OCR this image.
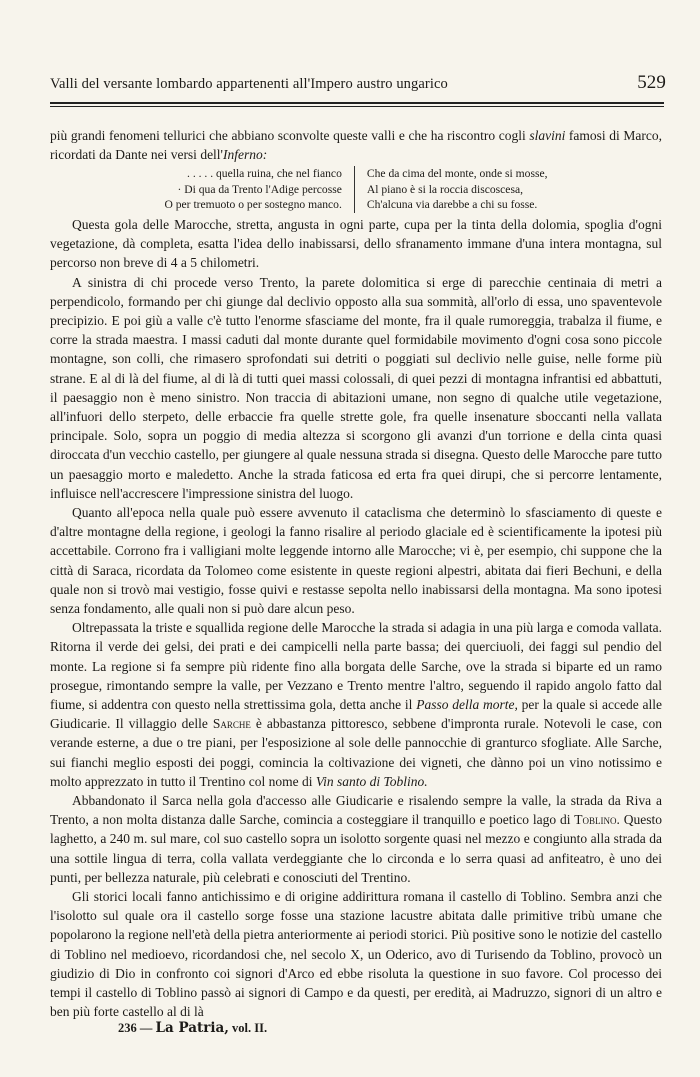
Valli del versante lombardo appartenenti all'Impero austro ungarico	529

più grandi fenomeni tellurici che abbiano sconvolte queste valli e che ha riscontro cogli slavini famosi di Marco, ricordati da Dante nei versi dell'Inferno:

. . . . . quella ruina, che nel fianco
· Di qua da Trento l'Adige percosse
O per tremuoto o per sostegno manco.
Che da cima del monte, onde si mosse,
Al piano è si la roccia discoscesa,
Ch'alcuna via darebbe a chi su fosse.

Questa gola delle Marocche, stretta, angusta in ogni parte, cupa per la tinta della dolomia, spoglia d'ogni vegetazione, dà completa, esatta l'idea dello inabissarsi, dello sfranamento immane d'una intera montagna, sul percorso non breve di 4 a 5 chilometri.

A sinistra di chi procede verso Trento, la parete dolomitica si erge di parecchie centinaia di metri a perpendicolo, formando per chi giunge dal declivio opposto alla sua sommità, all'orlo di essa, uno spaventevole precipizio. E poi giù a valle c'è tutto l'enorme sfasciame del monte, fra il quale rumoreggia, trabalza il fiume, e corre la strada maestra. I massi caduti dal monte durante quel formidabile movimento d'ogni cosa sono piccole montagne, son colli, che rimasero sprofondati sui detriti o poggiati sul declivio nelle guise, nelle forme più strane. E al di là del fiume, al di là di tutti quei massi colossali, di quei pezzi di montagna infrantisi ed abbattuti, il paesaggio non è meno sinistro. Non traccia di abitazioni umane, non segno di qualche utile vegetazione, all'infuori dello sterpeto, delle erbaccie fra quelle strette gole, fra quelle insenature sboccanti nella vallata principale. Solo, sopra un poggio di media altezza si scorgono gli avanzi d'un torrione e della cinta quasi diroccata d'un vecchio castello, per giungere al quale nessuna strada si disegna. Questo delle Marocche pare tutto un paesaggio morto e maledetto. Anche la strada faticosa ed erta fra quei dirupi, che si percorre lentamente, influisce nell'accrescere l'impressione sinistra del luogo.

Quanto all'epoca nella quale può essere avvenuto il cataclisma che determinò lo sfasciamento di queste e d'altre montagne della regione, i geologi la fanno risalire al periodo glaciale ed è scientificamente la ipotesi più accettabile. Corrono fra i valligiani molte leggende intorno alle Marocche; vi è, per esempio, chi suppone che la città di Saraca, ricordata da Tolomeo come esistente in queste regioni alpestri, abitata dai fieri Bechuni, e della quale non si trovò mai vestigio, fosse quivi e restasse sepolta nello inabissarsi della montagna. Ma sono ipotesi senza fondamento, alle quali non si può dare alcun peso.

Oltrepassata la triste e squallida regione delle Marocche la strada si adagia in una più larga e comoda vallata. Ritorna il verde dei gelsi, dei prati e dei campicelli nella parte bassa; dei querciuoli, dei faggi sul pendio del monte. La regione si fa sempre più ridente fino alla borgata delle Sarche, ove la strada si biparte ed un ramo prosegue, rimontando sempre la valle, per Vezzano e Trento mentre l'altro, seguendo il rapido angolo fatto dal fiume, si addentra con questo nella strettissima gola, detta anche il Passo della morte, per la quale si accede alle Giudicarie. Il villaggio delle Sarche è abbastanza pittoresco, sebbene d'impronta rurale. Notevoli le case, con verande esterne, a due o tre piani, per l'esposizione al sole delle pannocchie di granturco sfogliate. Alle Sarche, sui fianchi meglio esposti dei poggi, comincia la coltivazione dei vigneti, che dànno poi un vino notissimo e molto apprezzato in tutto il Trentino col nome di Vin santo di Toblino.

Abbandonato il Sarca nella gola d'accesso alle Giudicarie e risalendo sempre la valle, la strada da Riva a Trento, a non molta distanza dalle Sarche, comincia a costeggiare il tranquillo e poetico lago di Toblino. Questo laghetto, a 240 m. sul mare, col suo castello sopra un isolotto sorgente quasi nel mezzo e congiunto alla strada da una sottile lingua di terra, colla vallata verdeggiante che lo circonda e lo serra quasi ad anfiteatro, è uno dei punti, per bellezza naturale, più celebrati e conosciuti del Trentino.

Gli storici locali fanno antichissimo e di origine addirittura romana il castello di Toblino. Sembra anzi che l'isolotto sul quale ora il castello sorge fosse una stazione lacustre abitata dalle primitive tribù umane che popolarono la regione nell'età della pietra anteriormente ai periodi storici. Più positive sono le notizie del castello di Toblino nel medioevo, ricordandosi che, nel secolo X, un Oderico, avo di Turisendo da Toblino, provocò un giudizio di Dio in confronto coi signori d'Arco ed ebbe risoluta la questione in suo favore. Col processo dei tempi il castello di Toblino passò ai signori di Campo e da questi, per eredità, ai Madruzzo, signori di un altro e ben più forte castello al di là

236 — La Patria, vol. II.
